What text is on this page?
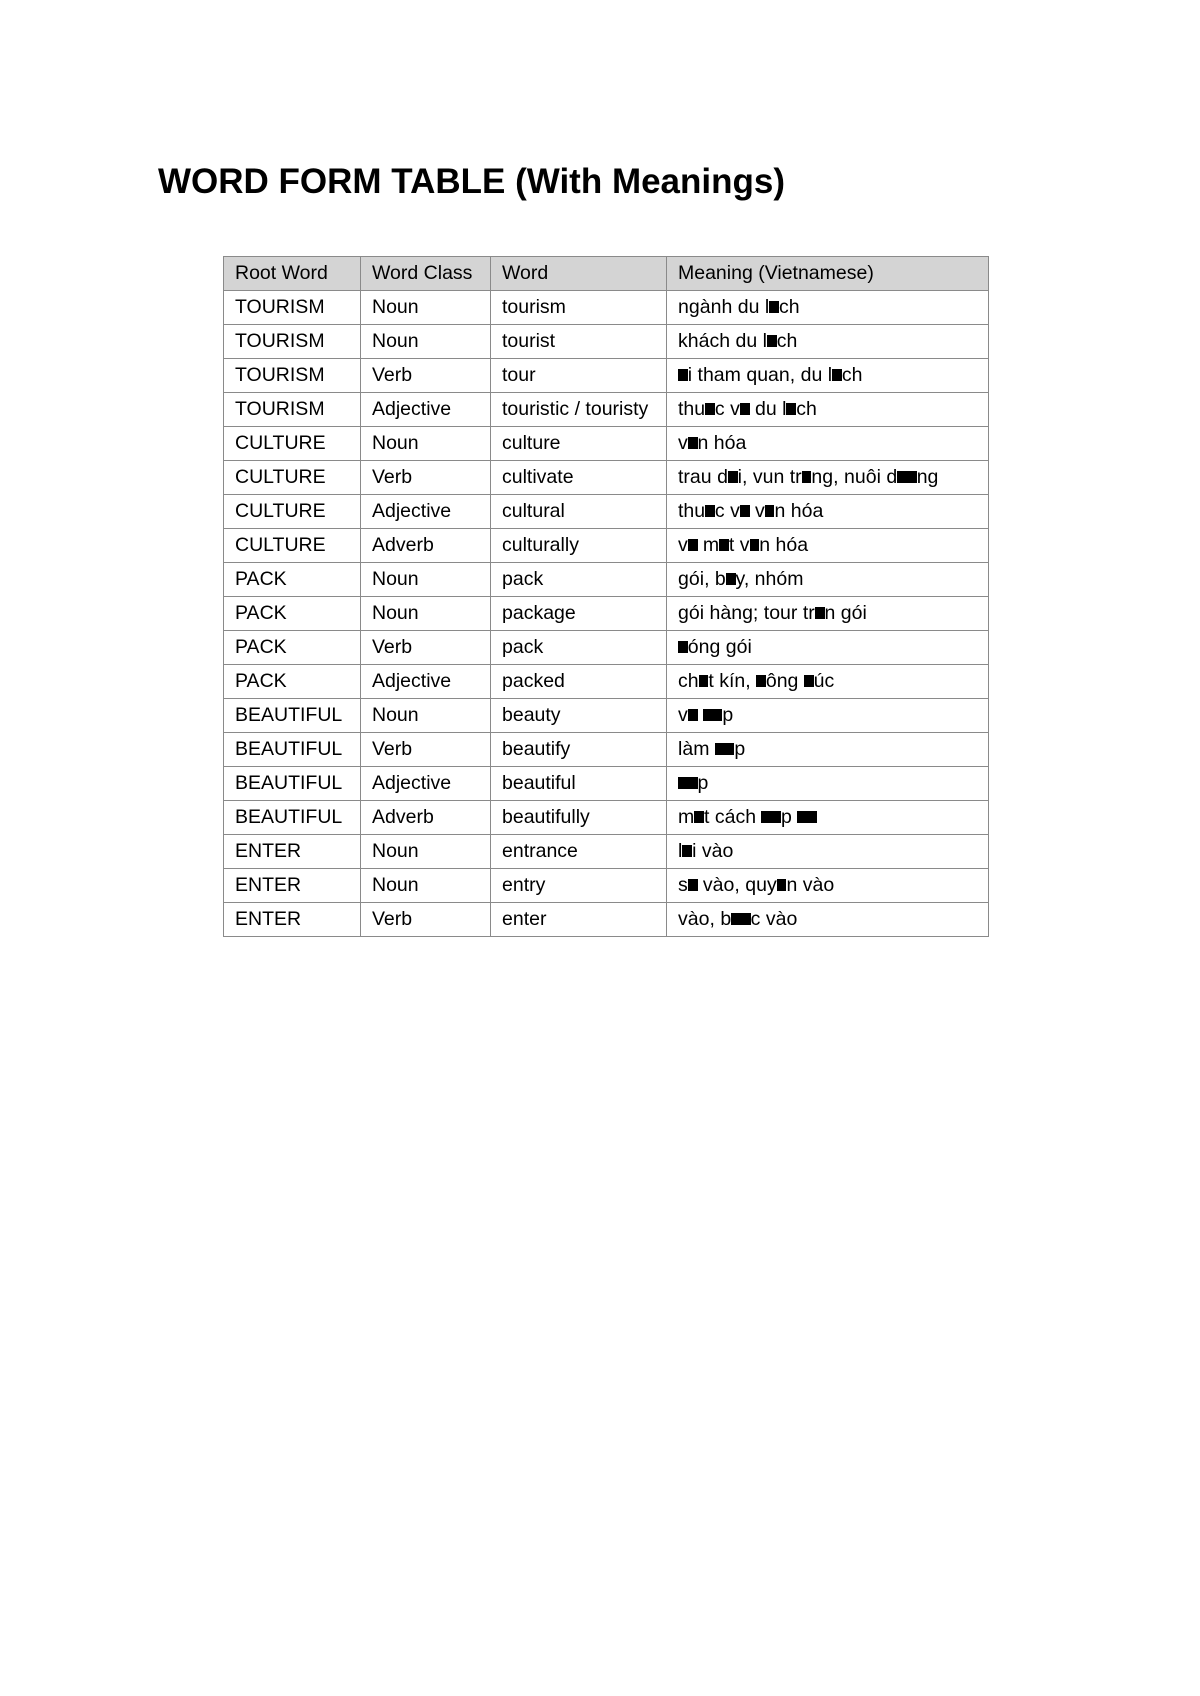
WORD FORM TABLE (With Meanings)
Root Word	Word Class	Word	Meaning (Vietnamese)
TOURISM	Noun	tourism	ngành du l ch
TOURISM	Noun	tourist	khách du l ch
TOURISM	Verb	tour	i tham quan, du l ch
TOURISM	Adjective	touristic / touristy	thu c v du l ch
CULTURE	Noun	culture	v n hóa
CULTURE	Verb	cultivate	trau d i, vun tr ng, nuôi d ng
CULTURE	Adjective	cultural	thu c v v n hóa
CULTURE	Adverb	culturally	v m t v n hóa
PACK	Noun	pack	gói, b y, nhóm
PACK	Noun	package	gói hàng; tour tr n gói
PACK	Verb	pack	óng gói
PACK	Adjective	packed	ch t kín, ông úc
BEAUTIFUL	Noun	beauty	v p
BEAUTIFUL	Verb	beautify	làm p
BEAUTIFUL	Adjective	beautiful	p
BEAUTIFUL	Adverb	beautifully	m t cách p
ENTER	Noun	entrance	l i vào
ENTER	Noun	entry	s vào, quy n vào
ENTER	Verb	enter	vào, b c vào
